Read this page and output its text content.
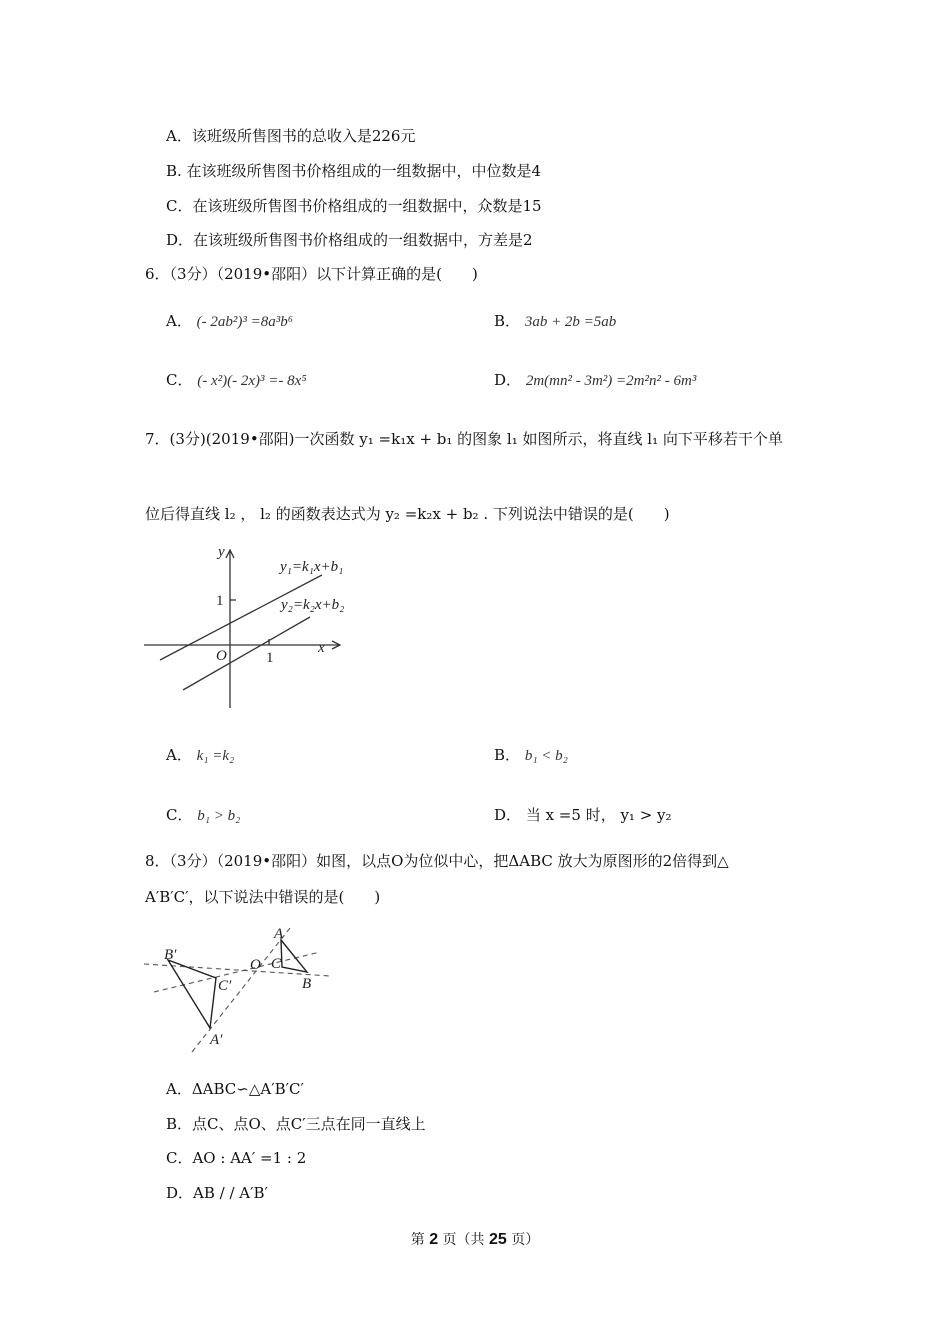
A．该班级所售图书的总收入是226元
B. 在该班级所售图书价格组成的一组数据中，中位数是4
C．在该班级所售图书价格组成的一组数据中，众数是15
D．在该班级所售图书价格组成的一组数据中，方差是2
6．（3分）（2019•邵阳）以下计算正确的是(　　)
A． (- 2ab²)³ =8a³b⁶	B． 3ab + 2b =5ab
C． (- x²)(- 2x)³ =- 8x⁵	D． 2m(mn² - 3m²) =2m²n² - 6m³
7．(3分)(2019•邵阳)一次函数 y₁ =k₁x + b₁ 的图象 l₁ 如图所示，将直线 l₁ 向下平移若干个单
位后得直线 l₂ ， l₂ 的函数表达式为 y₂ =k₂x + b₂ . 下列说法中错误的是(　　)
y
x
O
y₁=k₁x+b₁
y₂=k₂x+b₂
1
1
A． k₁ =k₂	B． b₁ < b₂
C． b₁ > b₂	D． 当 x =5 时， y₁ > y₂
8．（3分）（2019•邵阳）如图，以点O为位似中心，把ΔABC 放大为原图形的2倍得到△
A′B′C′，以下说法中错误的是(　　)
B′
C′
A′
O C
A
B
A．ΔABC∽△A′B′C′
B．点C、点O、点C′三点在同一直线上
C．AO : AA′ =1 : 2
D．AB / / A′B′
第 2 页（共 25 页）
